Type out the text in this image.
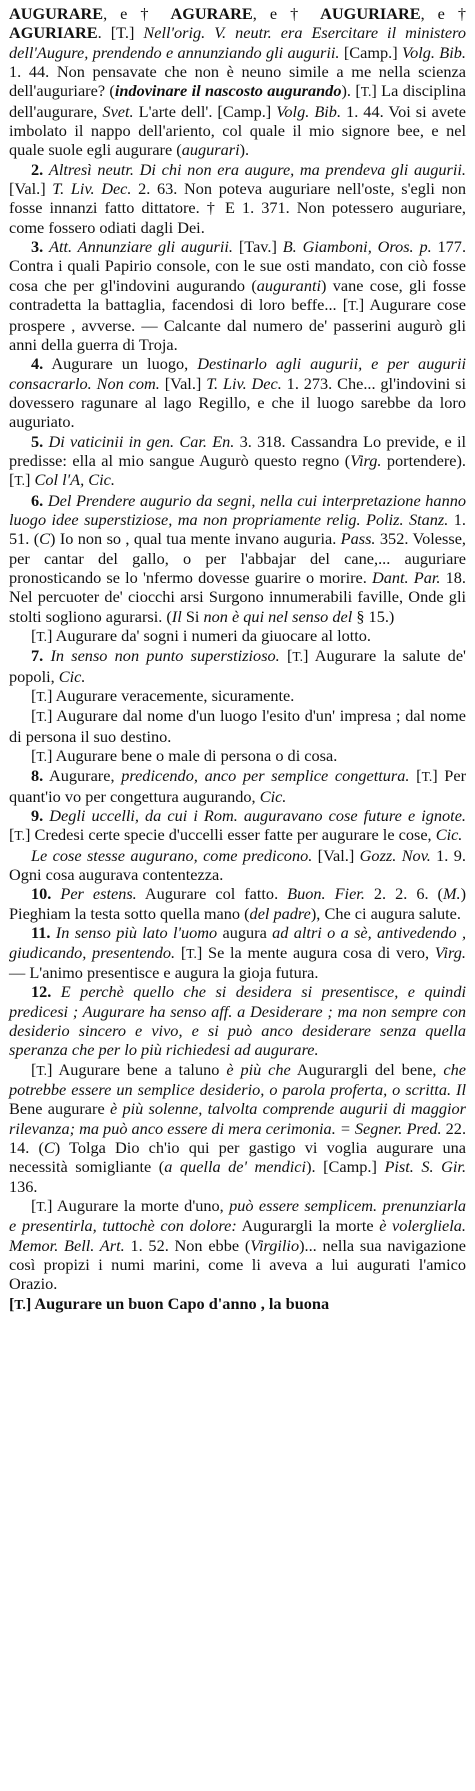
AUGURARE, e † AGURARE, e † AUGURIARE, e † AGURIARE. [T.] Nell'orig. V. neutr. era Esercitare il ministero dell'Augure, prendendo e annunziando gli augurii. [Camp.] Volg. Bib. 1. 44. Non pensavate che non è neuno simile a me nella scienza dell'auguriare? (indovinare il nascosto augurando). [T.] La disciplina dell'augurare, Svet. L'arte dell'. [Camp.] Volg. Bib. 1. 44. Voi si avete imbolato il nappo dell'ariento, col quale il mio signore bee, e nel quale suole egli augurare (augurari).

2. Altresì neutr. Di chi non era augure, ma prendeva gli augurii. [Val.] T. Liv. Dec. 2. 63. Non poteva auguriare nell'oste, s'egli non fosse innanzi fatto dittatore. † E 1. 371. Non potessero auguriare, come fossero odiati dagli Dei.

3. Att. Annunziare gli augurii. [Tav.] B. Giamboni, Oros. p. 177. Contra i quali Papirio console, con le sue osti mandato, con ciò fosse cosa che per gl'indovini augurando (auguranti) vane cose, gli fosse contradetta la battaglia, facendosi di loro beffe... [T.] Augurare cose prospere , avverse. — Calcante dal numero de' passerini augurò gli anni della guerra di Troja.

4. Augurare un luogo, Destinarlo agli augurii, e per augurii consacrarlo. Non com. [Val.] T. Liv. Dec. 1. 273. Che... gl'indovini si dovessero ragunare al lago Regillo, e che il luogo sarebbe da loro auguriato.

5. Di vaticinii in gen. Car. En. 3. 318. Cassandra Lo previde, e il predisse: ella al mio sangue Augurò questo regno (Virg. portendere). [T.] Col l'A, Cic.

6. Del Prendere augurio da segni, nella cui interpretazione hanno luogo idee superstiziose, ma non propriamente relig. Poliz. Stanz. 1. 51. (C) Io non so , qual tua mente invano auguria. Pass. 352. Volesse, per cantar del gallo, o per l'abbajar del cane,... auguriare pronosticando se lo 'nfermo dovesse guarire o morire. Dant. Par. 18. Nel percuoter de' ciocchi arsi Surgono innumerabili faville, Onde gli stolti sogliono agurarsi. (Il Si non è qui nel senso del § 15.)

[T.] Augurare da' sogni i numeri da giuocare al lotto.

7. In senso non punto superstizioso. [T.] Augurare la salute de' popoli, Cic.

[T.] Augurare veracemente, sicuramente.

[T.] Augurare dal nome d'un luogo l'esito d'un' impresa ; dal nome di persona il suo destino.

[T.] Augurare bene o male di persona o di cosa.

8. Augurare, predicendo, anco per semplice congettura. [T.] Per quant'io vo per congettura augurando, Cic.

9. Degli uccelli, da cui i Rom. auguravano cose future e ignote. [T.] Credesi certe specie d'uccelli esser fatte per augurare le cose, Cic.

Le cose stesse augurano, come predicono. [Val.] Gozz. Nov. 1. 9. Ogni cosa augurava contentezza.

10. Per estens. Augurare col fatto. Buon. Fier. 2. 2. 6. (M.) Pieghiam la testa sotto quella mano (del padre), Che ci augura salute.

11. In senso più lato l'uomo augura ad altri o a sè, antivedendo , giudicando, presentendo. [T.] Se la mente augura cosa di vero, Virg. — L'animo presentisce e augura la gioja futura.

12. E perchè quello che si desidera si presentisce, e quindi predicesi ; Augurare ha senso aff. a Desiderare ; ma non sempre con desiderio sincero e vivo, e si può anco desiderare senza quella speranza che per lo più richiedesi ad augurare.

[T.] Augurare bene a taluno è più che Augurargli del bene, che potrebbe essere un semplice desiderio, o parola proferta, o scritta. Il Bene augurare è più solenne, talvolta comprende augurii di maggior rilevanza; ma può anco essere di mera cerimonia. = Segner. Pred. 22. 14. (C) Tolga Dio ch'io qui per gastigo vi voglia augurare una necessità somigliante (a quella de' mendici). [Camp.] Pist. S. Gir. 136.

[T.] Augurare la morte d'uno, può essere semplicem. prenunziarla e presentirla, tuttochè con dolore: Augurargli la morte è volergliela. Memor. Bell. Art. 1. 52. Non ebbe (Virgilio)... nella sua navigazione così propizi i numi marini, come li aveva a lui augurati l'amico Orazio.

[T.] Augurare un buon Capo d'anno , la buona
